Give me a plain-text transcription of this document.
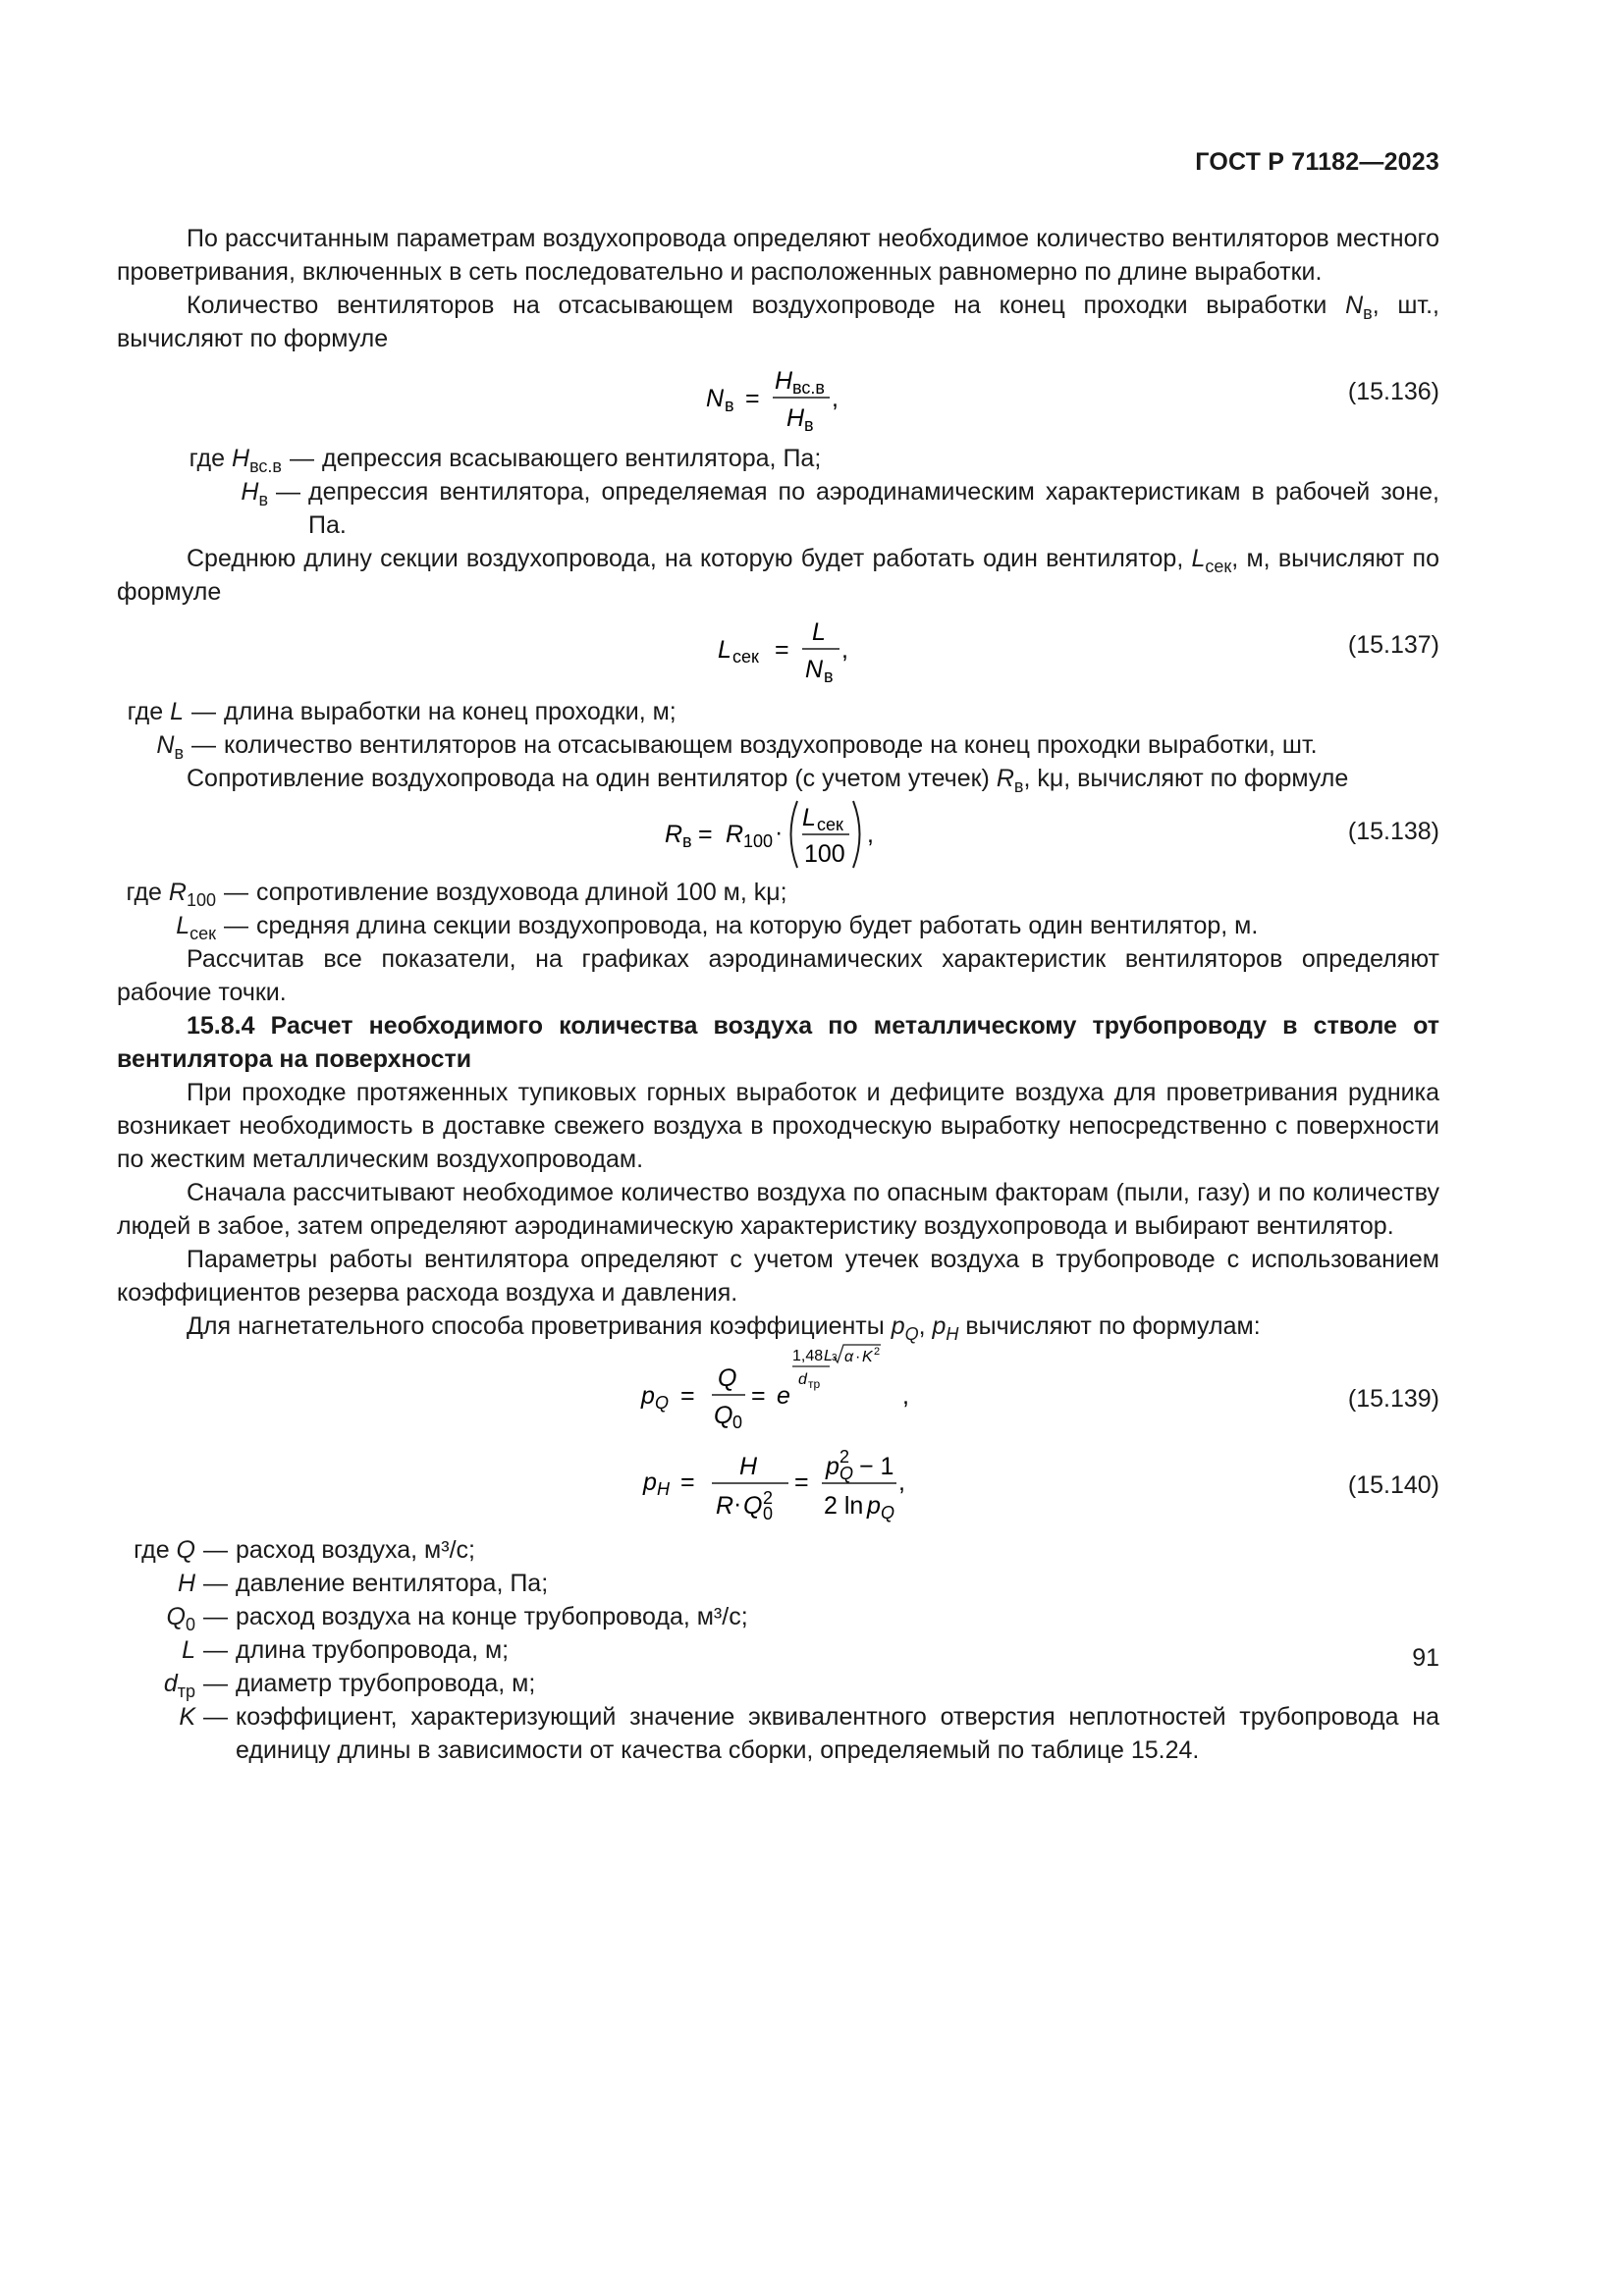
ГОСТ Р 71182—2023

По рассчитанным параметрам воздухопровода определяют необходимое количество вентиляторов местного проветривания, включенных в сеть последовательно и расположенных равномерно по длине выработки.

Количество вентиляторов на отсасывающем воздухопроводе на конец проходки выработки $N_в$, шт., вычисляют по формуле

N в =
H вс.в
H в
,	(15.136)
где $H_{вс.в}$ — депрессия всасывающего вентилятора, Па;
$H_в$ — депрессия вентилятора, определяемая по аэродинамическим характеристикам в рабочей зоне, Па.

Среднюю длину секции воздухопровода, на которую будет работать один вентилятор, $L_{сек}$, м, вычисляют по формуле

L сек =
L
N в
,	(15.137)
где L — длина выработки на конец проходки, м;
$N_в$ — количество вентиляторов на отсасывающем воздухопроводе на конец проходки выработки, шт.

Сопротивление воздухопровода на один вентилятор (с учетом утечек) $R_в$, kμ, вычисляют по формуле

R в = R 100 ·
L сек
100
,	(15.138)
где $R_{100}$ — сопротивление воздуховода длиной 100 м, kμ;
$L_{сек}$ — средняя длина секции воздухопровода, на которую будет работать один вентилятор, м.

Рассчитав все показатели, на графиках аэродинамических характеристик вентиляторов определяют рабочие точки.

15.8.4 Расчет необходимого количества воздуха по металлическому трубопроводу в стволе от вентилятора на поверхности

При проходке протяженных тупиковых горных выработок и дефиците воздуха для проветривания рудника возникает необходимость в доставке свежего воздуха в проходческую выработку непосредственно с поверхности по жестким металлическим воздухопроводам.

Сначала рассчитывают необходимое количество воздуха по опасным факторам (пыли, газу) и по количеству людей в забое, затем определяют аэродинамическую характеристику воздухопровода и выбирают вентилятор.

Параметры работы вентилятора определяют с учетом утечек воздуха в трубопроводе с использованием коэффициентов резерва расхода воздуха и давления.

Для нагнетательного способа проветривания коэффициенты $p_Q$, $p_H$ вычисляют по формулам:

p Q =
Q
Q 0
= e
1,48 L
d тр
3 α · K 2
,	(15.139)
p H =
H
R · Q 0
2
=
p 2
Q − 1
2 ln p Q
,	(15.140)
где Q — расход воздуха, м³/с;
H — давление вентилятора, Па;
$Q_0$ — расход воздуха на конце трубопровода, м³/с;
L — длина трубопровода, м;
$d_{тр}$ — диаметр трубопровода, м;
K — коэффициент, характеризующий значение эквивалентного отверстия неплотностей трубопровода на единицу длины в зависимости от качества сборки, определяемый по таблице 15.24.
91
